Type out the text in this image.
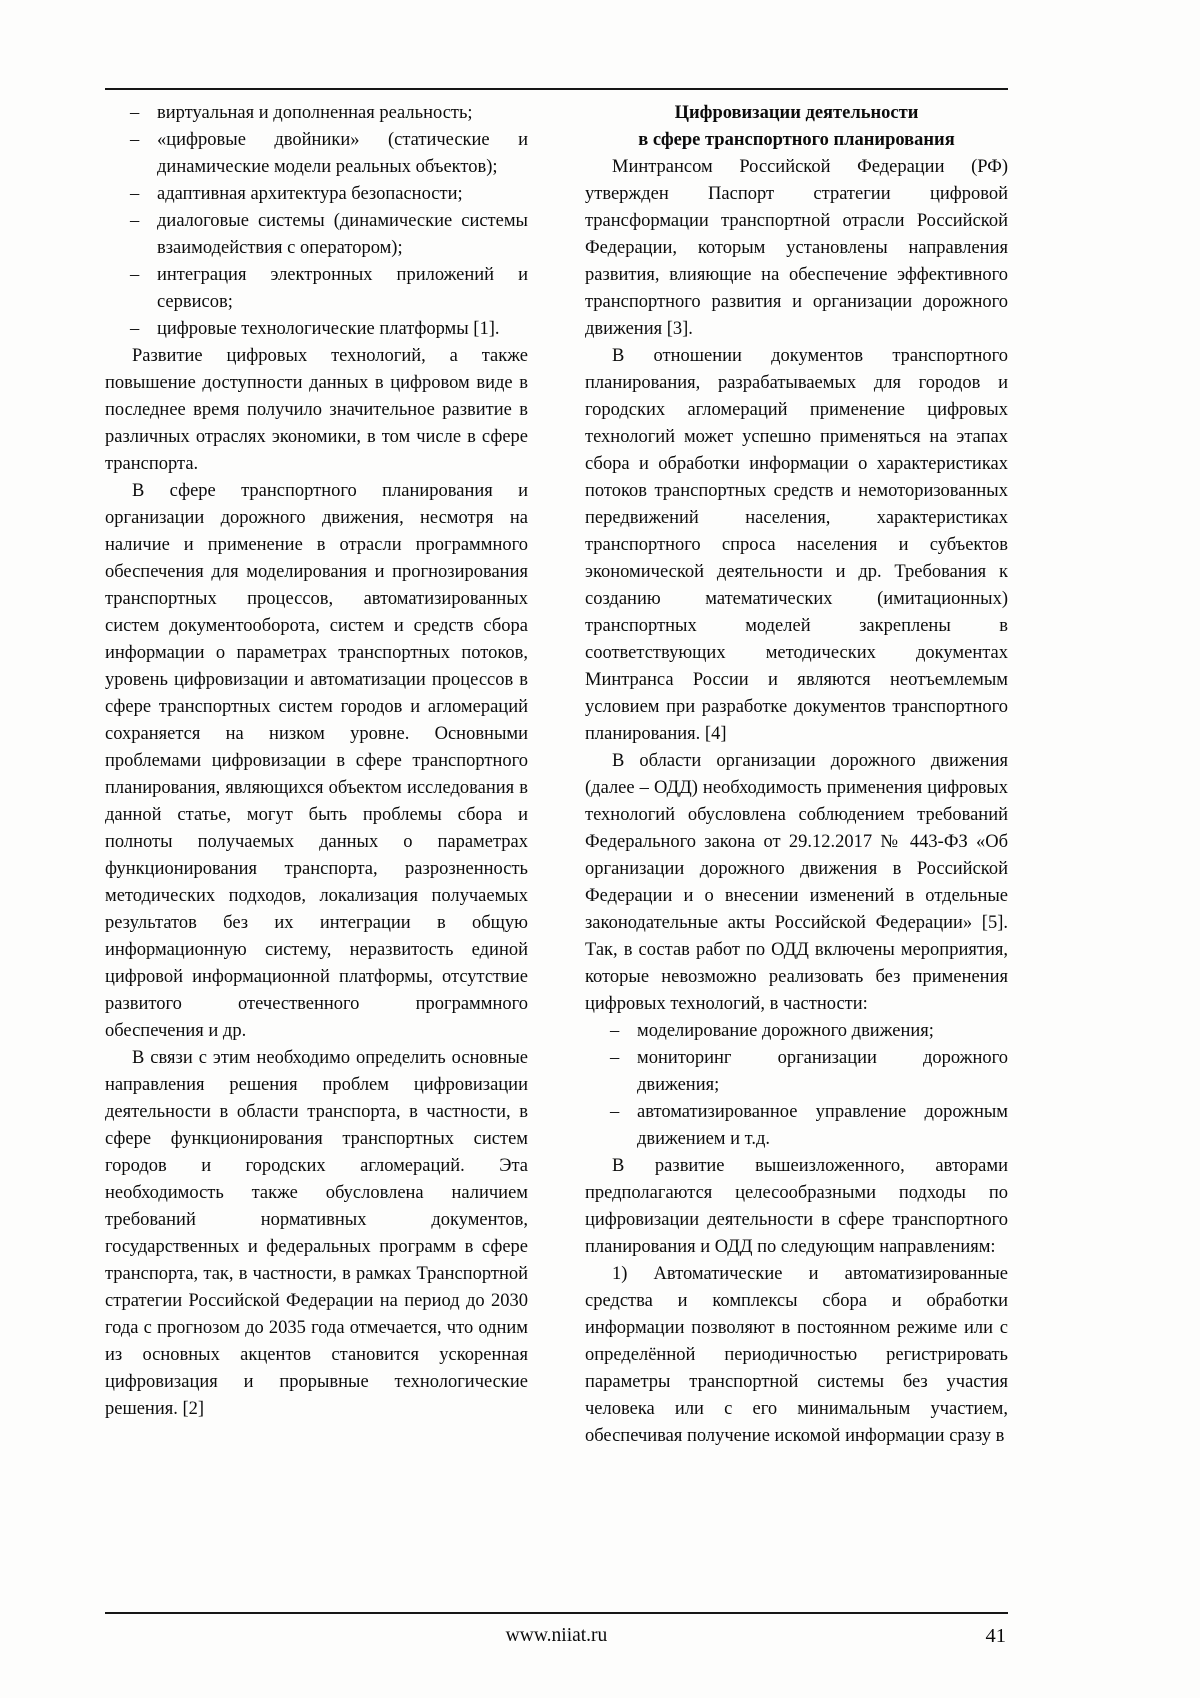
– виртуальная и дополненная реальность;
– «цифровые двойники» (статические и динамические модели реальных объектов);
– адаптивная архитектура безопасности;
– диалоговые системы (динамические системы взаимодействия с оператором);
– интеграция электронных приложений и сервисов;
– цифровые технологические платформы [1].

Развитие цифровых технологий, а также повышение доступности данных в цифровом виде в последнее время получило значительное развитие в различных отраслях экономики, в том числе в сфере транспорта.

В сфере транспортного планирования и организации дорожного движения, несмотря на наличие и применение в отрасли программного обеспечения для моделирования и прогнозирования транспортных процессов, автоматизированных систем документооборота, систем и средств сбора информации о параметрах транспортных потоков, уровень цифровизации и автоматизации процессов в сфере транспортных систем городов и агломераций сохраняется на низком уровне. Основными проблемами цифровизации в сфере транспортного планирования, являющихся объектом исследования в данной статье, могут быть проблемы сбора и полноты получаемых данных о параметрах функционирования транспорта, разрозненность методических подходов, локализация получаемых результатов без их интеграции в общую информационную систему, неразвитость единой цифровой информационной платформы, отсутствие развитого отечественного программного обеспечения и др.

В связи с этим необходимо определить основные направления решения проблем цифровизации деятельности в области транспорта, в частности, в сфере функционирования транспортных систем городов и городских агломераций. Эта необходимость также обусловлена наличием требований нормативных документов, государственных и федеральных программ в сфере транспорта, так, в частности, в рамках Транспортной стратегии Российской Федерации на период до 2030 года с прогнозом до 2035 года отмечается, что одним из основных акцентов становится ускоренная цифровизация и прорывные технологические решения. [2]

Цифровизации деятельности
в сфере транспортного планирования

Минтрансом Российской Федерации (РФ) утвержден Паспорт стратегии цифровой трансформации транспортной отрасли Российской Федерации, которым установлены направления развития, влияющие на обеспечение эффективного транспортного развития и организации дорожного движения [3].

В отношении документов транспортного планирования, разрабатываемых для городов и городских агломераций применение цифровых технологий может успешно применяться на этапах сбора и обработки информации о характеристиках потоков транспортных средств и немоторизованных передвижений населения, характеристиках транспортного спроса населения и субъектов экономической деятельности и др. Требования к созданию математических (имитационных) транспортных моделей закреплены в соответствующих методических документах Минтранса России и являются неотъемлемым условием при разработке документов транспортного планирования. [4]

В области организации дорожного движения (далее – ОДД) необходимость применения цифровых технологий обусловлена соблюдением требований Федерального закона от 29.12.2017 № 443-ФЗ «Об организации дорожного движения в Российской Федерации и о внесении изменений в отдельные законодательные акты Российской Федерации» [5]. Так, в состав работ по ОДД включены мероприятия, которые невозможно реализовать без применения цифровых технологий, в частности:

– моделирование дорожного движения;
– мониторинг организации дорожного движения;
– автоматизированное управление дорожным движением и т.д.

В развитие вышеизложенного, авторами предполагаются целесообразными подходы по цифровизации деятельности в сфере транспортного планирования и ОДД по следующим направлениям:

1) Автоматические и автоматизированные средства и комплексы сбора и обработки информации позволяют в постоянном режиме или с определённой периодичностью регистрировать параметры транспортной системы без участия человека или с его минимальным участием, обеспечивая получение искомой информации сразу в

www.niiat.ru	41
